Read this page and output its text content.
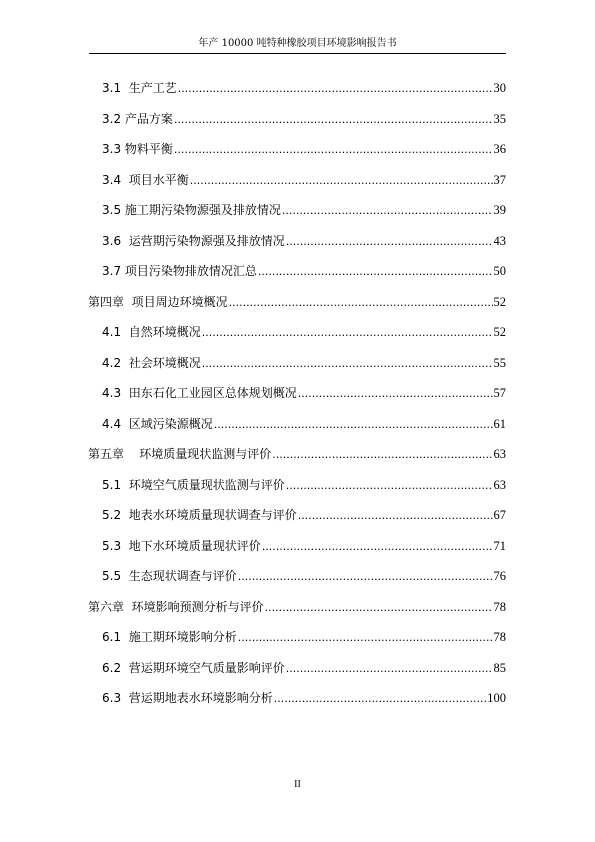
年产 10000 吨特种橡胶项目环境影响报告书
3.1  生产工艺 .....	30
3.2 产品方案 .....	35
3.3 物料平衡 .....	36
3.4  项目水平衡 .....	37
3.5 施工期污染物源强及排放情况 .....	39
3.6  运营期污染物源强及排放情况 .....	43
3.7 项目污染物排放情况汇总 .....	50
第四章  项目周边环境概况 .....	52
4.1  自然环境概况 .....	52
4.2  社会环境概况 .....	55
4.3  田东石化工业园区总体规划概况 .....	57
4.4  区域污染源概况 .....	61
第五章    环境质量现状监测与评价 .....	63
5.1  环境空气质量现状监测与评价 .....	63
5.2  地表水环境质量现状调查与评价 .....	67
5.3  地下水环境质量现状评价 .....	71
5.5  生态现状调查与评价 .....	76
第六章  环境影响预测分析与评价 .....	78
6.1  施工期环境影响分析 .....	78
6.2  营运期环境空气质量影响评价 .....	85
6.3  营运期地表水环境影响分析 .....	100
II
